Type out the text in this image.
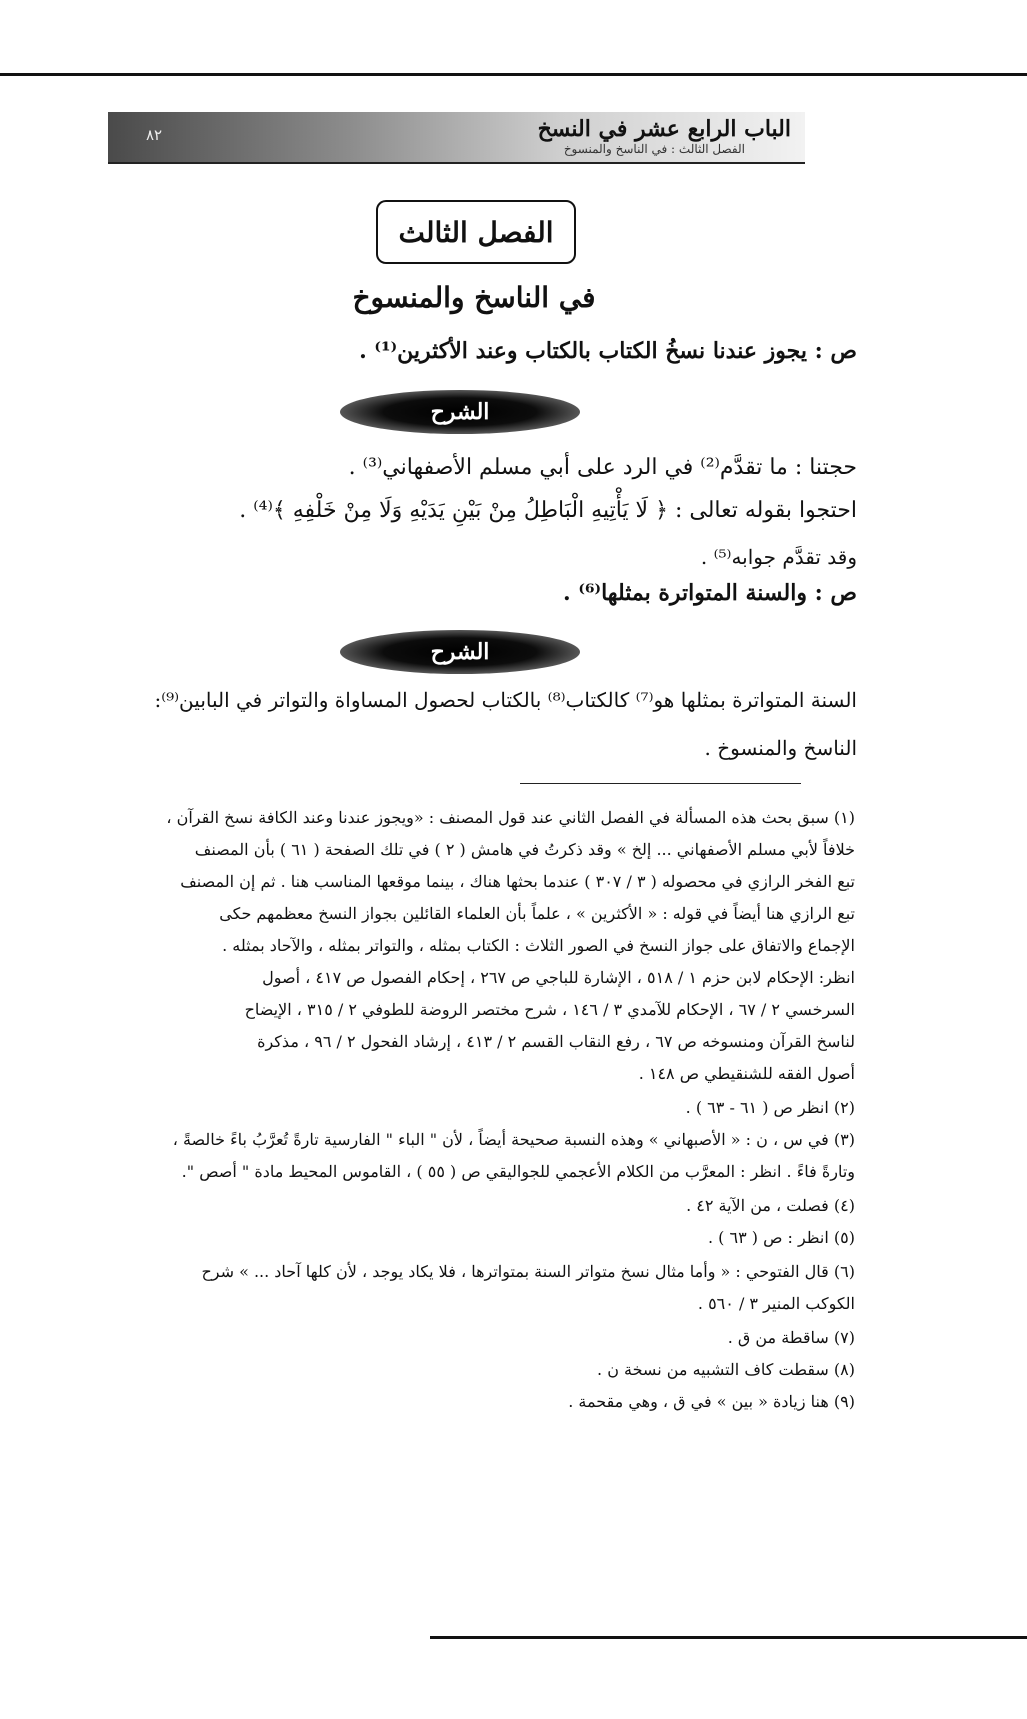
الباب الرابع عشر في النسخ
الفصل الثالث : في الناسخ والمنسوخ
٨٢
الفصل الثالث
في الناسخ والمنسوخ
ص : يجوز عندنا نسخُ الكتاب بالكتاب وعند الأكثرين⁽¹⁾ .
الشرح
حجتنا : ما تقدَّم⁽²⁾ في الرد على أبي مسلم الأصفهاني⁽³⁾ .
احتجوا بقوله تعالى : ﴿ لَا يَأْتِيهِ الْبَاطِلُ مِنْ بَيْنِ يَدَيْهِ وَلَا مِنْ خَلْفِهِ ﴾⁽⁴⁾ .
وقد تقدَّم جوابه⁽⁵⁾ .
ص : والسنة المتواترة بمثلها⁽⁶⁾ .
الشرح
السنة المتواترة بمثلها هو⁽⁷⁾ كالكتاب⁽⁸⁾ بالكتاب لحصول المساواة والتواتر في البابين⁽⁹⁾:
الناسخ والمنسوخ .
(١) سبق بحث هذه المسألة في الفصل الثاني عند قول المصنف : «ويجوز عندنا وعند الكافة نسخ القرآن ،
خلافاً لأبي مسلم الأصفهاني ... إلخ » وقد ذكرتُ في هامش ( ٢ ) في تلك الصفحة ( ٦١ ) بأن المصنف
تبع الفخر الرازي في محصوله ( ٣ / ٣٠٧ ) عندما بحثها هناك ، بينما موقعها المناسب هنا . ثم إن المصنف
تبع الرازي هنا أيضاً في قوله : « الأكثرين » ، علماً بأن العلماء القائلين بجواز النسخ معظمهم حكى
الإجماع والاتفاق على جواز النسخ في الصور الثلاث : الكتاب بمثله ، والتواتر بمثله ، والآحاد بمثله .
انظر: الإحكام لابن حزم ١ / ٥١٨ ، الإشارة للباجي ص ٢٦٧ ، إحكام الفصول ص ٤١٧ ، أصول
السرخسي ٢ / ٦٧ ، الإحكام للآمدي ٣ / ١٤٦ ، شرح مختصر الروضة للطوفي ٢ / ٣١٥ ، الإيضاح
لناسخ القرآن ومنسوخه ص ٦٧ ، رفع النقاب القسم ٢ / ٤١٣ ، إرشاد الفحول ٢ / ٩٦ ، مذكرة
أصول الفقه للشنقيطي ص ١٤٨ .
(٢) انظر ص ( ٦١ - ٦٣ ) .
(٣) في س ، ن : « الأصبهاني » وهذه النسبة صحيحة أيضاً ، لأن " الباء " الفارسية تارةً تُعرَّبُ باءً خالصةً ،
وتارةً فاءً . انظر : المعرَّب من الكلام الأعجمي للجواليقي ص ( ٥٥ ) ، القاموس المحيط مادة " أصص ".
(٤) فصلت ، من الآية ٤٢ .
(٥) انظر : ص ( ٦٣ ) .
(٦) قال الفتوحي : « وأما مثال نسخ متواتر السنة بمتواترها ، فلا يكاد يوجد ، لأن كلها آحاد ... » شرح
الكوكب المنير ٣ / ٥٦٠ .
(٧) ساقطة من ق .
(٨) سقطت كاف التشبيه من نسخة ن .
(٩) هنا زيادة « بين » في ق ، وهي مقحمة .
